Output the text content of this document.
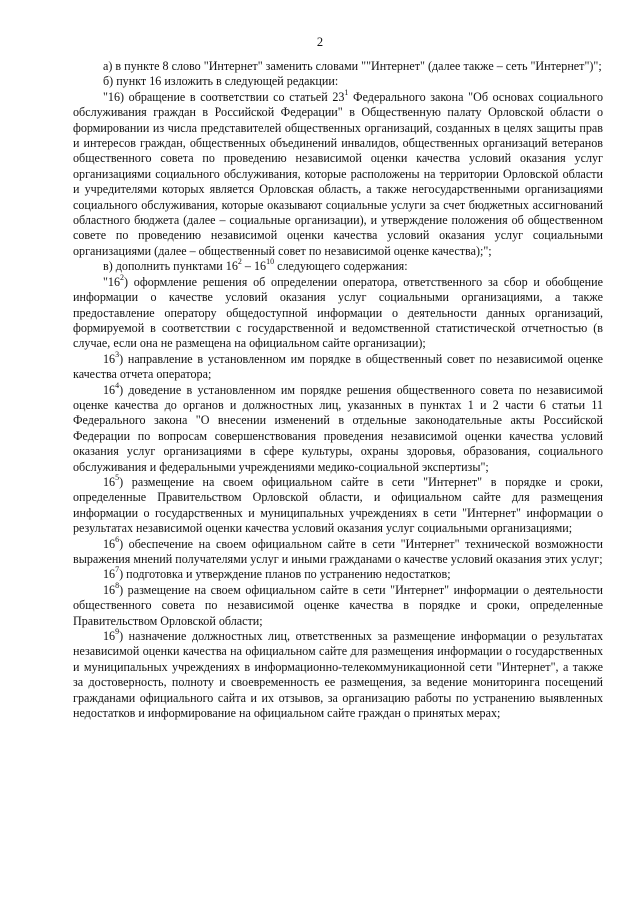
2

а) в пункте 8 слово "Интернет" заменить словами ""Интернет" (далее также – сеть "Интернет")";

б) пункт 16 изложить в следующей редакции:

"16) обращение в соответствии со статьей $23^1$ Федерального закона "Об основах социального обслуживания граждан в Российской Федерации" в Общественную палату Орловской области о формировании из числа представителей общественных организаций, созданных в целях защиты прав и интересов граждан, общественных объединений инвалидов, общественных организаций ветеранов общественного совета по проведению независимой оценки качества условий оказания услуг организациями социального обслуживания, которые расположены на территории Орловской области и учредителями которых является Орловская область, а также негосударственными организациями социального обслуживания, которые оказывают социальные услуги за счет бюджетных ассигнований областного бюджета (далее – социальные организации), и утверждение положения об общественном совете по проведению независимой оценки качества условий оказания услуг социальными организациями (далее – общественный совет по независимой оценке качества);";

в) дополнить пунктами $16^2 - 16^{10}$ следующего содержания:

"$16^2$) оформление решения об определении оператора, ответственного за сбор и обобщение информации о качестве условий оказания услуг социальными организациями, а также предоставление оператору общедоступной информации о деятельности данных организаций, формируемой в соответствии с государственной и ведомственной статистической отчетностью (в случае, если она не размещена на официальном сайте организации);

$16^3$) направление в установленном им порядке в общественный совет по независимой оценке качества отчета оператора;

$16^4$) доведение в установленном им порядке решения общественного совета по независимой оценке качества до органов и должностных лиц, указанных в пунктах 1 и 2 части 6 статьи 11 Федерального закона "О внесении изменений в отдельные законодательные акты Российской Федерации по вопросам совершенствования проведения независимой оценки качества условий оказания услуг организациями в сфере культуры, охраны здоровья, образования, социального обслуживания и федеральными учреждениями медико-социальной экспертизы";

$16^5$) размещение на своем официальном сайте в сети "Интернет" в порядке и сроки, определенные Правительством Орловской области, и официальном сайте для размещения информации о государственных и муниципальных учреждениях в сети "Интернет" информации о результатах независимой оценки качества условий оказания услуг социальными организациями;

$16^6$) обеспечение на своем официальном сайте в сети "Интернет" технической возможности выражения мнений получателями услуг и иными гражданами о качестве условий оказания этих услуг;

$16^7$) подготовка и утверждение планов по устранению недостатков;

$16^8$) размещение на своем официальном сайте в сети "Интернет" информации о деятельности общественного совета по независимой оценке качества в порядке и сроки, определенные Правительством Орловской области;

$16^9$) назначение должностных лиц, ответственных за размещение информации о результатах независимой оценки качества на официальном сайте для размещения информации о государственных и муниципальных учреждениях в информационно-телекоммуникационной сети "Интернет", а также за достоверность, полноту и своевременность ее размещения, за ведение мониторинга посещений гражданами официального сайта и их отзывов, за организацию работы по устранению выявленных недостатков и информирование на официальном сайте граждан о принятых мерах;
